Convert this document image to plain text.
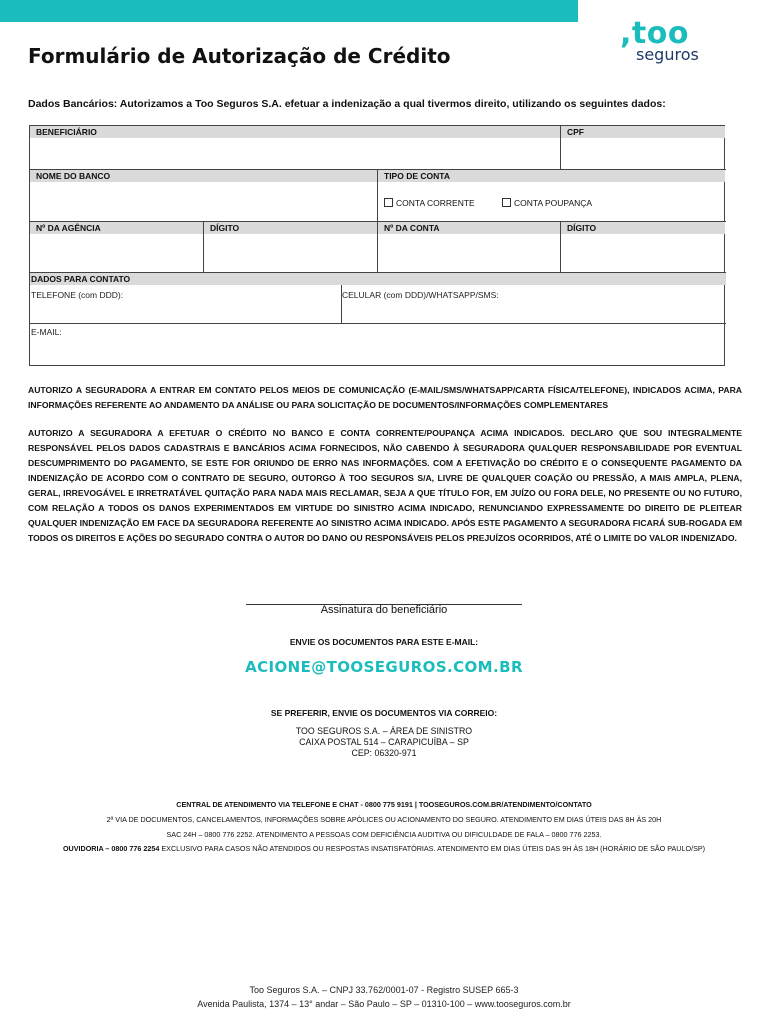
,too
seguros
Formulário de Autorização de Crédito
Dados Bancários: Autorizamos a Too Seguros S.A. efetuar a indenização a qual tivermos direito, utilizando os seguintes dados:
BENEFICIÁRIO	CPF
NOME DO BANCO	TIPO DE CONTA
CONTA CORRENTE	CONTA POUPANÇA
Nº DA AGÊNCIA	DÍGITO	Nº DA CONTA	DÍGITO
DADOS PARA CONTATO
TELEFONE (com DDD):	CELULAR (com DDD)/WHATSAPP/SMS:
E-MAIL:
AUTORIZO A SEGURADORA A ENTRAR EM CONTATO PELOS MEIOS DE COMUNICAÇÃO (E-MAIL/SMS/WHATSAPP/CARTA FÍSICA/TELEFONE), INDICADOS ACIMA, PARA INFORMAÇÕES REFERENTE AO ANDAMENTO DA ANÁLISE OU PARA SOLICITAÇÃO DE DOCUMENTOS/INFORMAÇÕES COMPLEMENTARES
AUTORIZO A SEGURADORA A EFETUAR O CRÉDITO NO BANCO E CONTA CORRENTE/POUPANÇA ACIMA INDICADOS. DECLARO QUE SOU INTEGRALMENTE RESPONSÁVEL PELOS DADOS CADASTRAIS E BANCÁRIOS ACIMA FORNECIDOS, NÃO CABENDO À SEGURADORA QUALQUER RESPONSABILIDADE POR EVENTUAL DESCUMPRIMENTO DO PAGAMENTO, SE ESTE FOR ORIUNDO DE ERRO NAS INFORMAÇÕES. COM A EFETIVAÇÃO DO CRÉDITO E O CONSEQUENTE PAGAMENTO DA INDENIZAÇÃO DE ACORDO COM O CONTRATO DE SEGURO, OUTORGO À TOO SEGUROS S/A, LIVRE DE QUALQUER COAÇÃO OU PRESSÃO, A MAIS AMPLA, PLENA, GERAL, IRREVOGÁVEL E IRRETRATÁVEL QUITAÇÃO PARA NADA MAIS RECLAMAR, SEJA A QUE TÍTULO FOR, EM JUÍZO OU FORA DELE, NO PRESENTE OU NO FUTURO, COM RELAÇÃO A TODOS OS DANOS EXPERIMENTADOS EM VIRTUDE DO SINISTRO ACIMA INDICADO, RENUNCIANDO EXPRESSAMENTE DO DIREITO DE PLEITEAR QUALQUER INDENIZAÇÃO EM FACE DA SEGURADORA REFERENTE AO SINISTRO ACIMA INDICADO. APÓS ESTE PAGAMENTO A SEGURADORA FICARÁ SUB-ROGADA EM TODOS OS DIREITOS E AÇÕES DO SEGURADO CONTRA O AUTOR DO DANO OU RESPONSÁVEIS PELOS PREJUÍZOS OCORRIDOS, ATÉ O LIMITE DO VALOR INDENIZADO.
Assinatura do beneficiário
ENVIE OS DOCUMENTOS PARA ESTE E-MAIL:
ACIONE@TOOSEGUROS.COM.BR
SE PREFERIR, ENVIE OS DOCUMENTOS VIA CORREIO:
TOO SEGUROS S.A. – ÁREA DE SINISTRO
CAIXA POSTAL 514 – CARAPICUÍBA – SP
CEP: 06320-971
CENTRAL DE ATENDIMENTO VIA TELEFONE E CHAT - 0800 775 9191 | TOOSEGUROS.COM.BR/ATENDIMENTO/CONTATO
2ª VIA DE DOCUMENTOS, CANCELAMENTOS, INFORMAÇÕES SOBRE APÓLICES OU ACIONAMENTO DO SEGURO. ATENDIMENTO EM DIAS ÚTEIS DAS 8H ÀS 20H
SAC 24H – 0800 776 2252. ATENDIMENTO A PESSOAS COM DEFICIÊNCIA AUDITIVA OU DIFICULDADE DE FALA – 0800 776 2253.
OUVIDORIA – 0800 776 2254 EXCLUSIVO PARA CASOS NÃO ATENDIDOS OU RESPOSTAS INSATISFATÓRIAS. ATENDIMENTO EM DIAS ÚTEIS DAS 9H ÀS 18H (HORÁRIO DE SÃO PAULO/SP)
Too Seguros S.A. – CNPJ 33.762/0001-07 - Registro SUSEP 665-3
Avenida Paulista, 1374 – 13° andar – São Paulo – SP – 01310-100 – www.tooseguros.com.br
